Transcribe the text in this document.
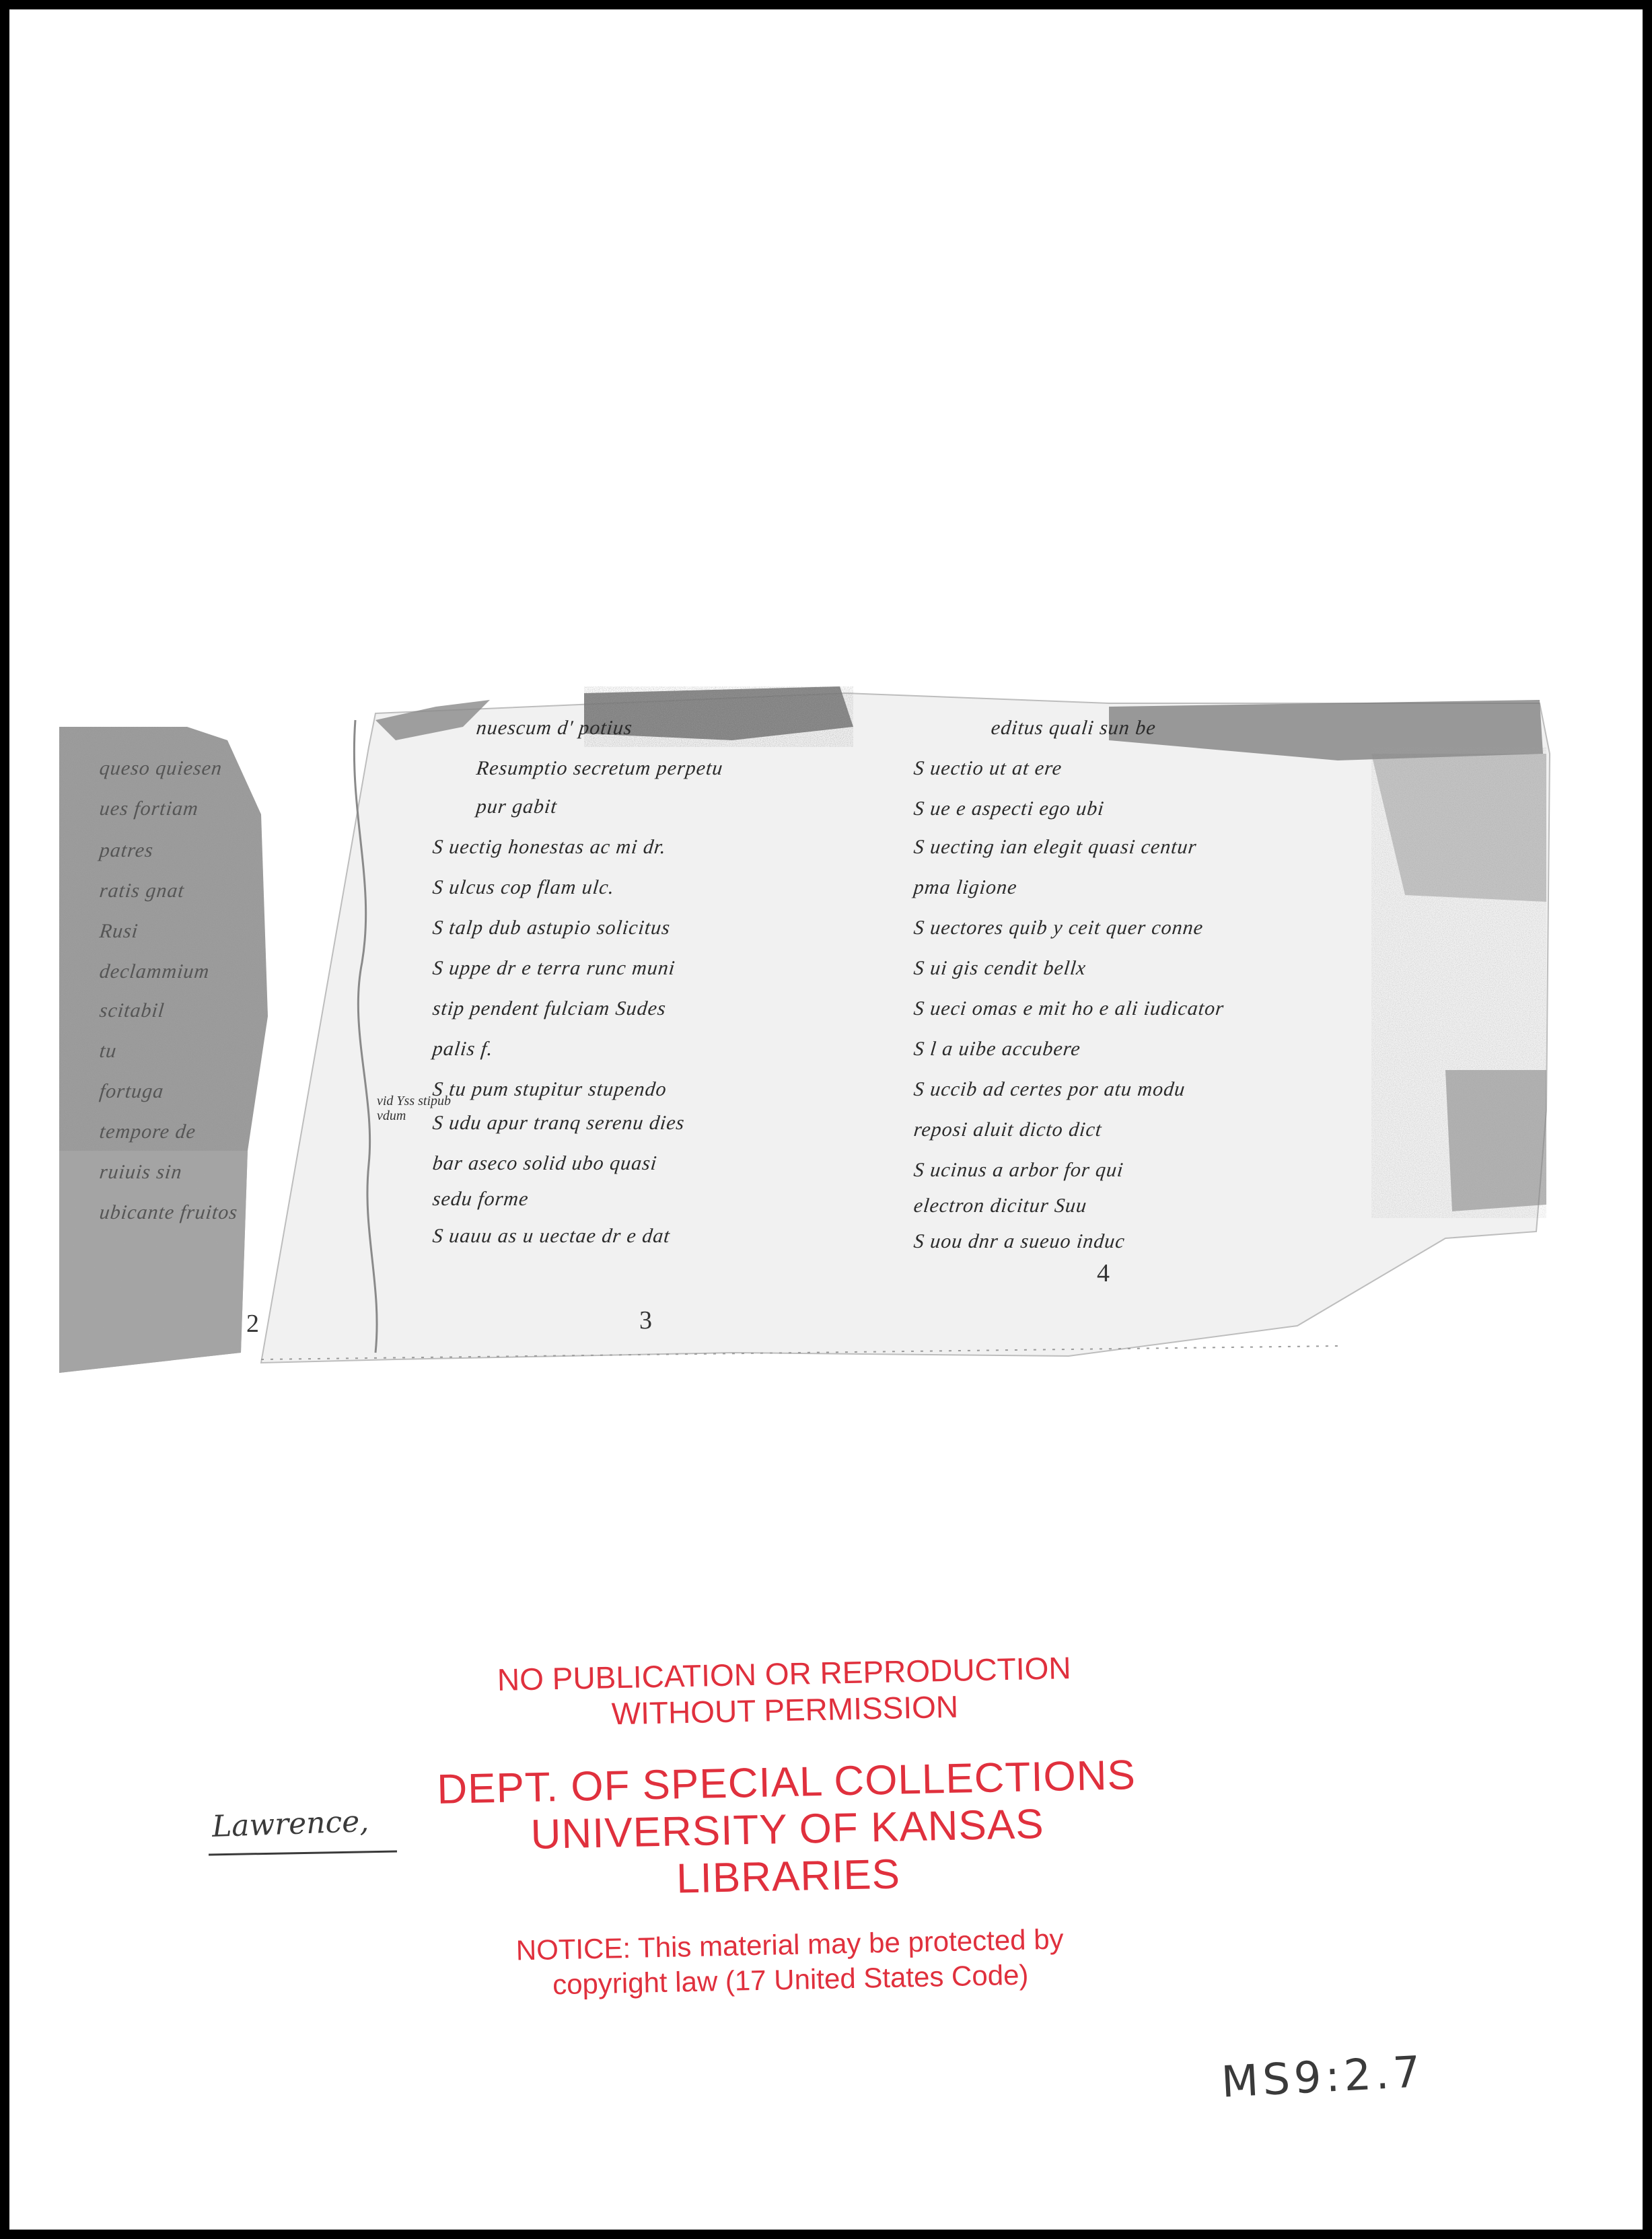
2	3
4
queso quiesen
ues fortiam
patres
ratis gnat
Rusi
declammium
scitabil
tu
fortuga
tempore de
ruiuis sin
ubicante fruitos
vid Yss stipub vdum
nuescum d' potius
Resumptio secretum perpetu
pur gabit
S uectig honestas ac mi dr.
S ulcus cop flam ulc.
S talp dub astupio solicitus
S uppe dr e terra runc muni
stip pendent fulciam Sudes
palis f.
S tu pum stupitur stupendo
S udu apur tranq serenu dies
bar aseco solid ubo quasi
sedu forme
S uauu as u uectae dr e dat
editus quali sun be
S uectio ut at ere
S ue e aspecti ego ubi
S uecting ian elegit quasi centur
pma ligione
S uectores quib y ceit quer conne
S ui gis cendit bellx
S ueci omas e mit ho e ali iudicator
S l a uibe accubere
S uccib ad certes por atu modu
reposi aluit dicto dict
S ucinus a arbor for qui
electron dicitur Suu
S uou dnr a sueuo induc
NO PUBLICATION OR REPRODUCTION
WITHOUT PERMISSION
DEPT. OF SPECIAL COLLECTIONS
UNIVERSITY OF KANSAS LIBRARIES
NOTICE: This material may be protected by
copyright law (17 United States Code)
Lawrence,
MS9:2.7
